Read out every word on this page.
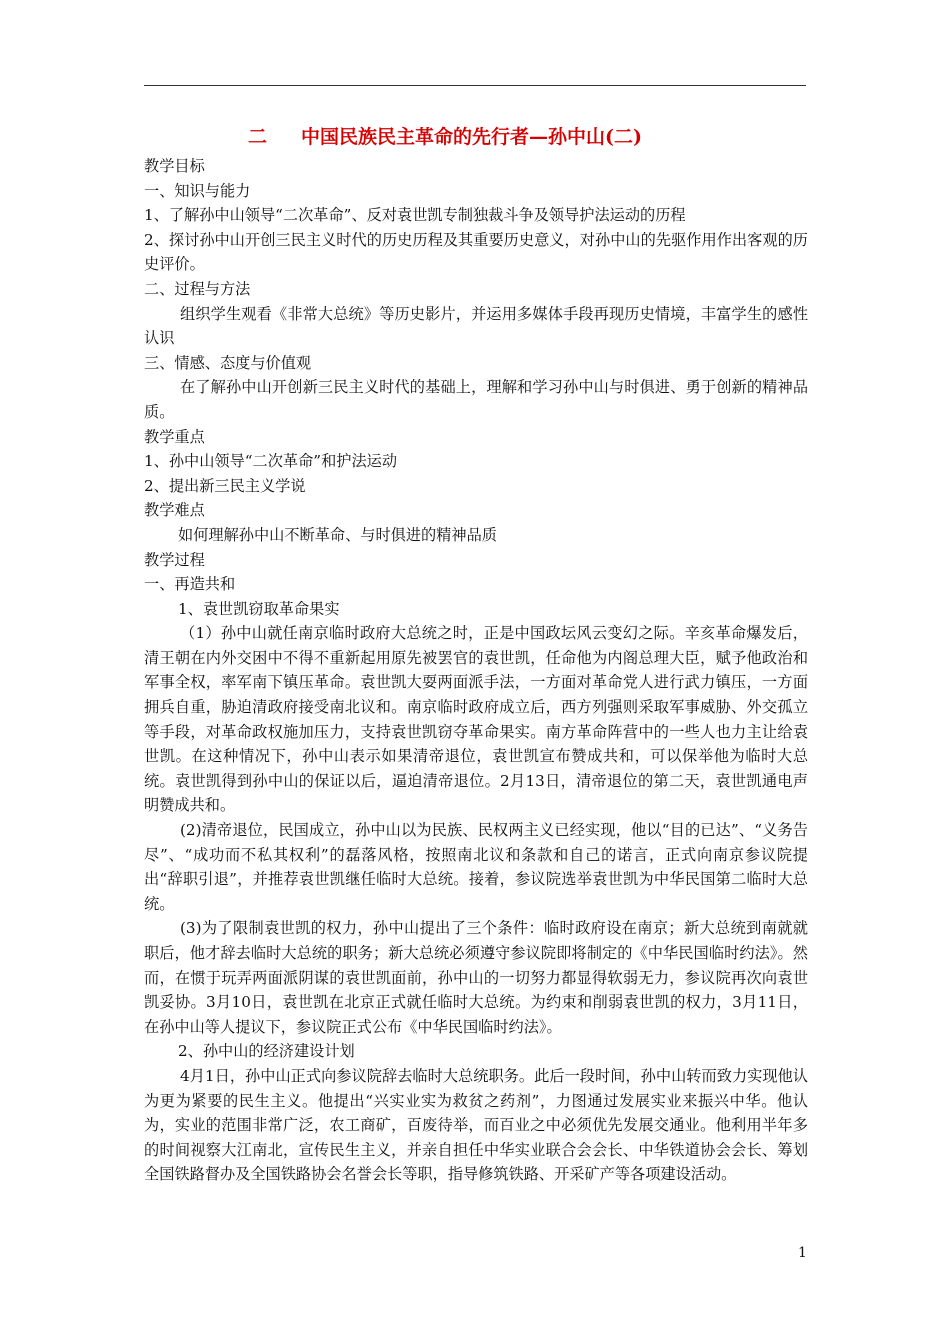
二 中国民族民主革命的先行者—孙中山(二)

教学目标

一、知识与能力

1、了解孙中山领导“二次革命”、反对袁世凯专制独裁斗争及领导护法运动的历程

2、探讨孙中山开创三民主义时代的历史历程及其重要历史意义，对孙中山的先驱作用作出客观的历史评价。

二、过程与方法

组织学生观看《非常大总统》等历史影片，并运用多媒体手段再现历史情境，丰富学生的感性认识

三、情感、态度与价值观

在了解孙中山开创新三民主义时代的基础上，理解和学习孙中山与时俱进、勇于创新的精神品质。

教学重点

1、孙中山领导“二次革命”和护法运动

2、提出新三民主义学说

教学难点

如何理解孙中山不断革命、与时俱进的精神品质

教学过程

一、再造共和

1、袁世凯窃取革命果实

（1）孙中山就任南京临时政府大总统之时，正是中国政坛风云变幻之际。辛亥革命爆发后，清王朝在内外交困中不得不重新起用原先被罢官的袁世凯，任命他为内阁总理大臣，赋予他政治和军事全权，率军南下镇压革命。袁世凯大耍两面派手法，一方面对革命党人进行武力镇压，一方面拥兵自重，胁迫清政府接受南北议和。南京临时政府成立后，西方列强则采取军事威胁、外交孤立等手段，对革命政权施加压力，支持袁世凯窃夺革命果实。南方革命阵营中的一些人也力主让给袁世凯。在这种情况下，孙中山表示如果清帝退位，袁世凯宣布赞成共和，可以保举他为临时大总统。袁世凯得到孙中山的保证以后，逼迫清帝退位。2月13日，清帝退位的第二天，袁世凯通电声明赞成共和。

(2)清帝退位，民国成立，孙中山以为民族、民权两主义已经实现，他以“目的已达”、“义务告尽”、“成功而不私其权利”的磊落风格，按照南北议和条款和自己的诺言，正式向南京参议院提出“辞职引退”，并推荐袁世凯继任临时大总统。接着，参议院选举袁世凯为中华民国第二临时大总统。

(3)为了限制袁世凯的权力，孙中山提出了三个条件：临时政府设在南京；新大总统到南就就职后，他才辞去临时大总统的职务；新大总统必须遵守参议院即将制定的《中华民国临时约法》。然而，在惯于玩弄两面派阴谋的袁世凯面前，孙中山的一切努力都显得软弱无力，参议院再次向袁世凯妥协。3月10日，袁世凯在北京正式就任临时大总统。为约束和削弱袁世凯的权力，3月11日，在孙中山等人提议下，参议院正式公布《中华民国临时约法》。

2、孙中山的经济建设计划

4月1日，孙中山正式向参议院辞去临时大总统职务。此后一段时间，孙中山转而致力实现他认为更为紧要的民生主义。他提出“兴实业实为救贫之药剂”，力图通过发展实业来振兴中华。他认为，实业的范围非常广泛，农工商矿，百废待举，而百业之中必须优先发展交通业。他利用半年多的时间视察大江南北，宣传民生主义，并亲自担任中华实业联合会会长、中华铁道协会会长、筹划全国铁路督办及全国铁路协会名誉会长等职，指导修筑铁路、开采矿产等各项建设活动。

1
